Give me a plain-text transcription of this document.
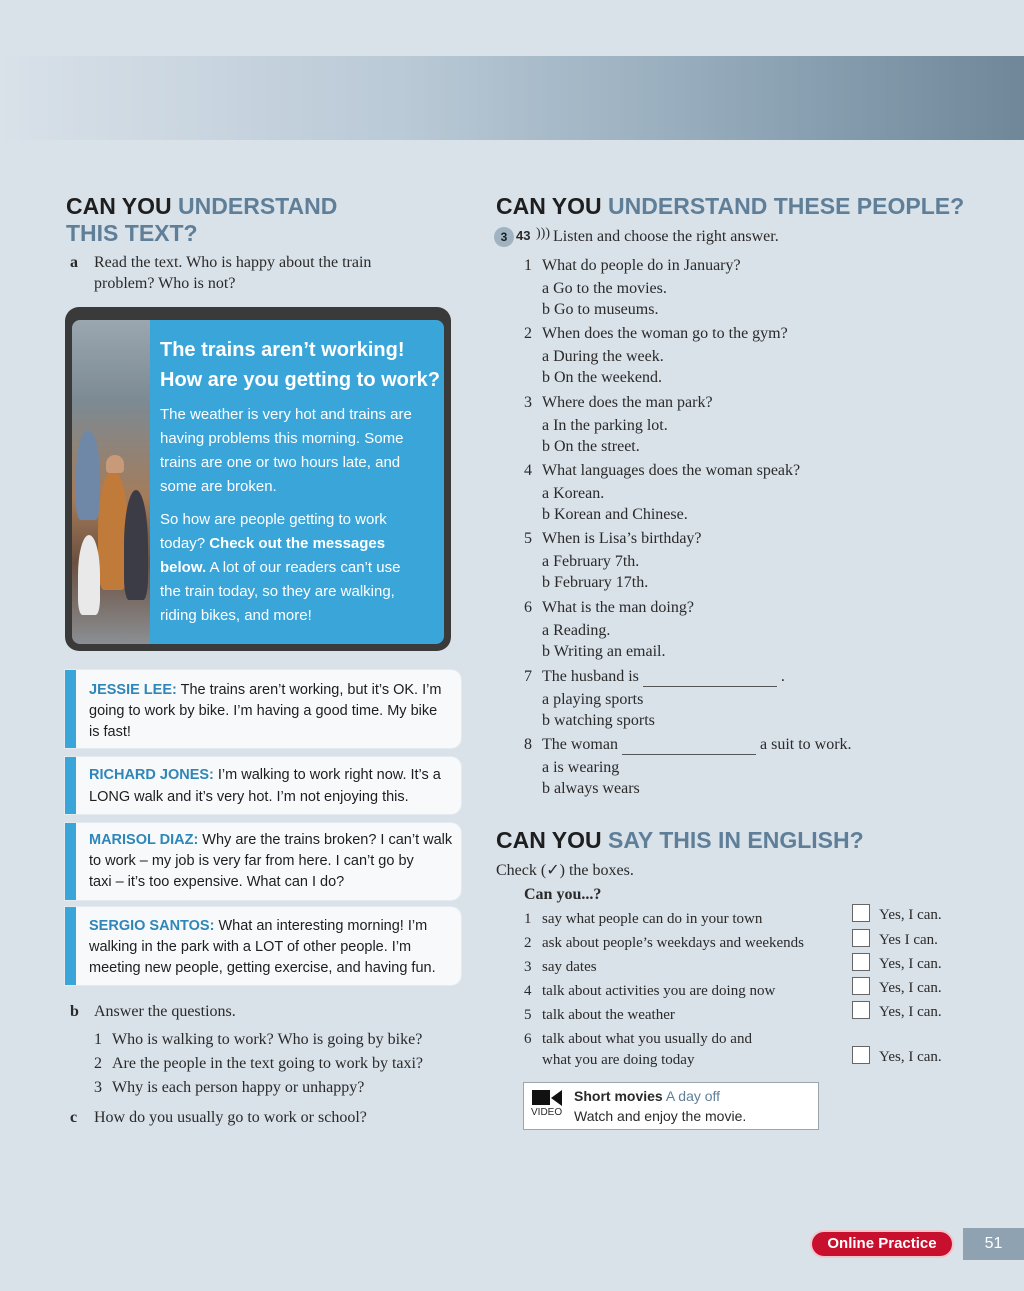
CAN YOU UNDERSTAND
THIS TEXT?
a Read the text. Who is happy about the train
problem? Who is not?
The trains aren’t working!
How are you getting to work?
The weather is very hot and trains are
having problems this morning. Some
trains are one or two hours late, and
some are broken.
So how are people getting to work
today? Check out the messages
below. A lot of our readers can’t use
the train today, so they are walking,
riding bikes, and more!
JESSIE LEE: The trains aren’t working, but it’s OK. I’m
going to work by bike. I’m having a good time. My bike
is fast!
RICHARD JONES: I’m walking to work right now. It’s a
LONG walk and it’s very hot. I’m not enjoying this.
MARISOL DIAZ: Why are the trains broken? I can’t walk
to work – my job is very far from here. I can’t go by
taxi – it’s too expensive. What can I do?
SERGIO SANTOS: What an interesting morning! I’m
walking in the park with a LOT of other people. I’m
meeting new people, getting exercise, and having fun.
b Answer the questions.
1 Who is walking to work? Who is going by bike?
2 Are the people in the text going to work by taxi?
3 Why is each person happy or unhappy?
c How do you usually go to work or school?
CAN YOU UNDERSTAND THESE PEOPLE?
3 43 ))) Listen and choose the right answer.
1 What do people do in January?
a Go to the movies.
b Go to museums.
2 When does the woman go to the gym?
a During the week.
b On the weekend.
3 Where does the man park?
a In the parking lot.
b On the street.
4 What languages does the woman speak?
a Korean.
b Korean and Chinese.
5 When is Lisa’s birthday?
a February 7th.
b February 17th.
6 What is the man doing?
a Reading.
b Writing an email.
7 The husband is	.
a playing sports
b watching sports
8 The woman	a suit to work.
a is wearing
b always wears
CAN YOU SAY THIS IN ENGLISH?
Check (✓) the boxes.
Can you...?
1 say what people can do in your town	Yes, I can.
2 ask about people’s weekdays and weekends	Yes I can.
3 say dates	Yes, I can.
4 talk about activities you are doing now	Yes, I can.
5 talk about the weather	Yes, I can.
6 talk about what you usually do and
what you are doing today	Yes, I can.
VIDEO
Short movies A day off
Watch and enjoy the movie.
Online Practice	51
